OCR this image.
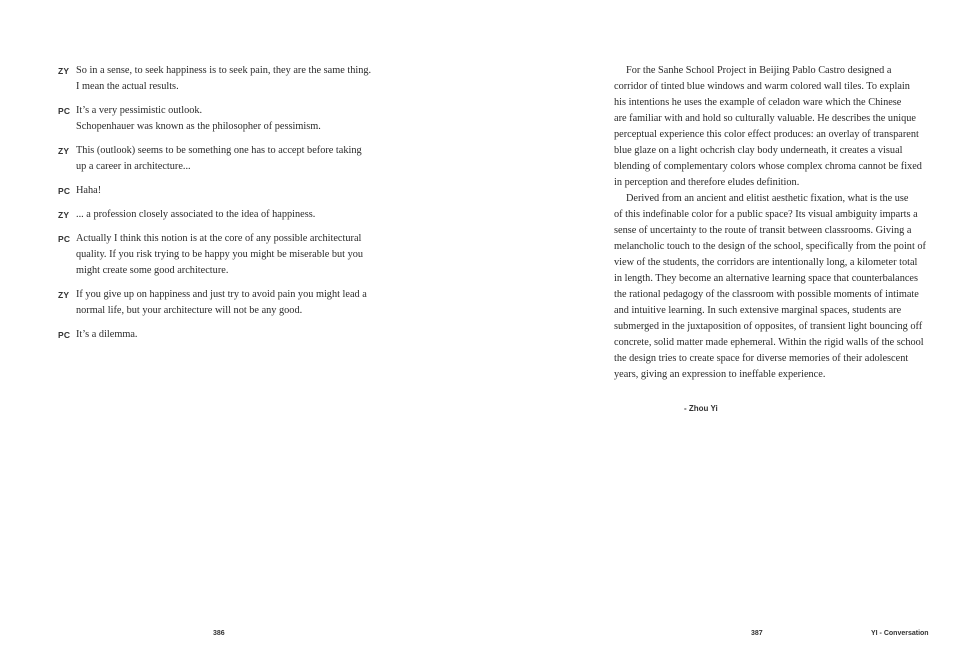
ZY So in a sense, to seek happiness is to seek pain, they are the same thing.
I mean the actual results.
PC It’s a very pessimistic outlook.
Schopenhauer was known as the philosopher of pessimism.
ZY This (outlook) seems to be something one has to accept before taking
up a career in architecture...
PC Haha!
ZY ... a profession closely associated to the idea of happiness.
PC Actually I think this notion is at the core of any possible architectural
quality. If you risk trying to be happy you might be miserable but you
might create some good architecture.
ZY If you give up on happiness and just try to avoid pain you might lead a
normal life, but your architecture will not be any good.
PC It’s a dilemma.
386
For the Sanhe School Project in Beijing Pablo Castro designed a
corridor of tinted blue windows and warm colored wall tiles. To explain
his intentions he uses the example of celadon ware which the Chinese
are familiar with and hold so culturally valuable. He describes the unique
perceptual experience this color effect produces: an overlay of transparent
blue glaze on a light ochcrish clay body underneath, it creates a visual
blending of complementary colors whose complex chroma cannot be fixed
in perception and therefore eludes definition.
Derived from an ancient and elitist aesthetic fixation, what is the use
of this indefinable color for a public space? Its visual ambiguity imparts a
sense of uncertainty to the route of transit between classrooms. Giving a
melancholic touch to the design of the school, specifically from the point of
view of the students, the corridors are intentionally long, a kilometer total
in length. They become an alternative learning space that counterbalances
the rational pedagogy of the classroom with possible moments of intimate
and intuitive learning. In such extensive marginal spaces, students are
submerged in the juxtaposition of opposites, of transient light bouncing off
concrete, solid matter made ephemeral. Within the rigid walls of the school
the design tries to create space for diverse memories of their adolescent
years, giving an expression to ineffable experience.
- Zhou Yi
387	YI - Conversation
